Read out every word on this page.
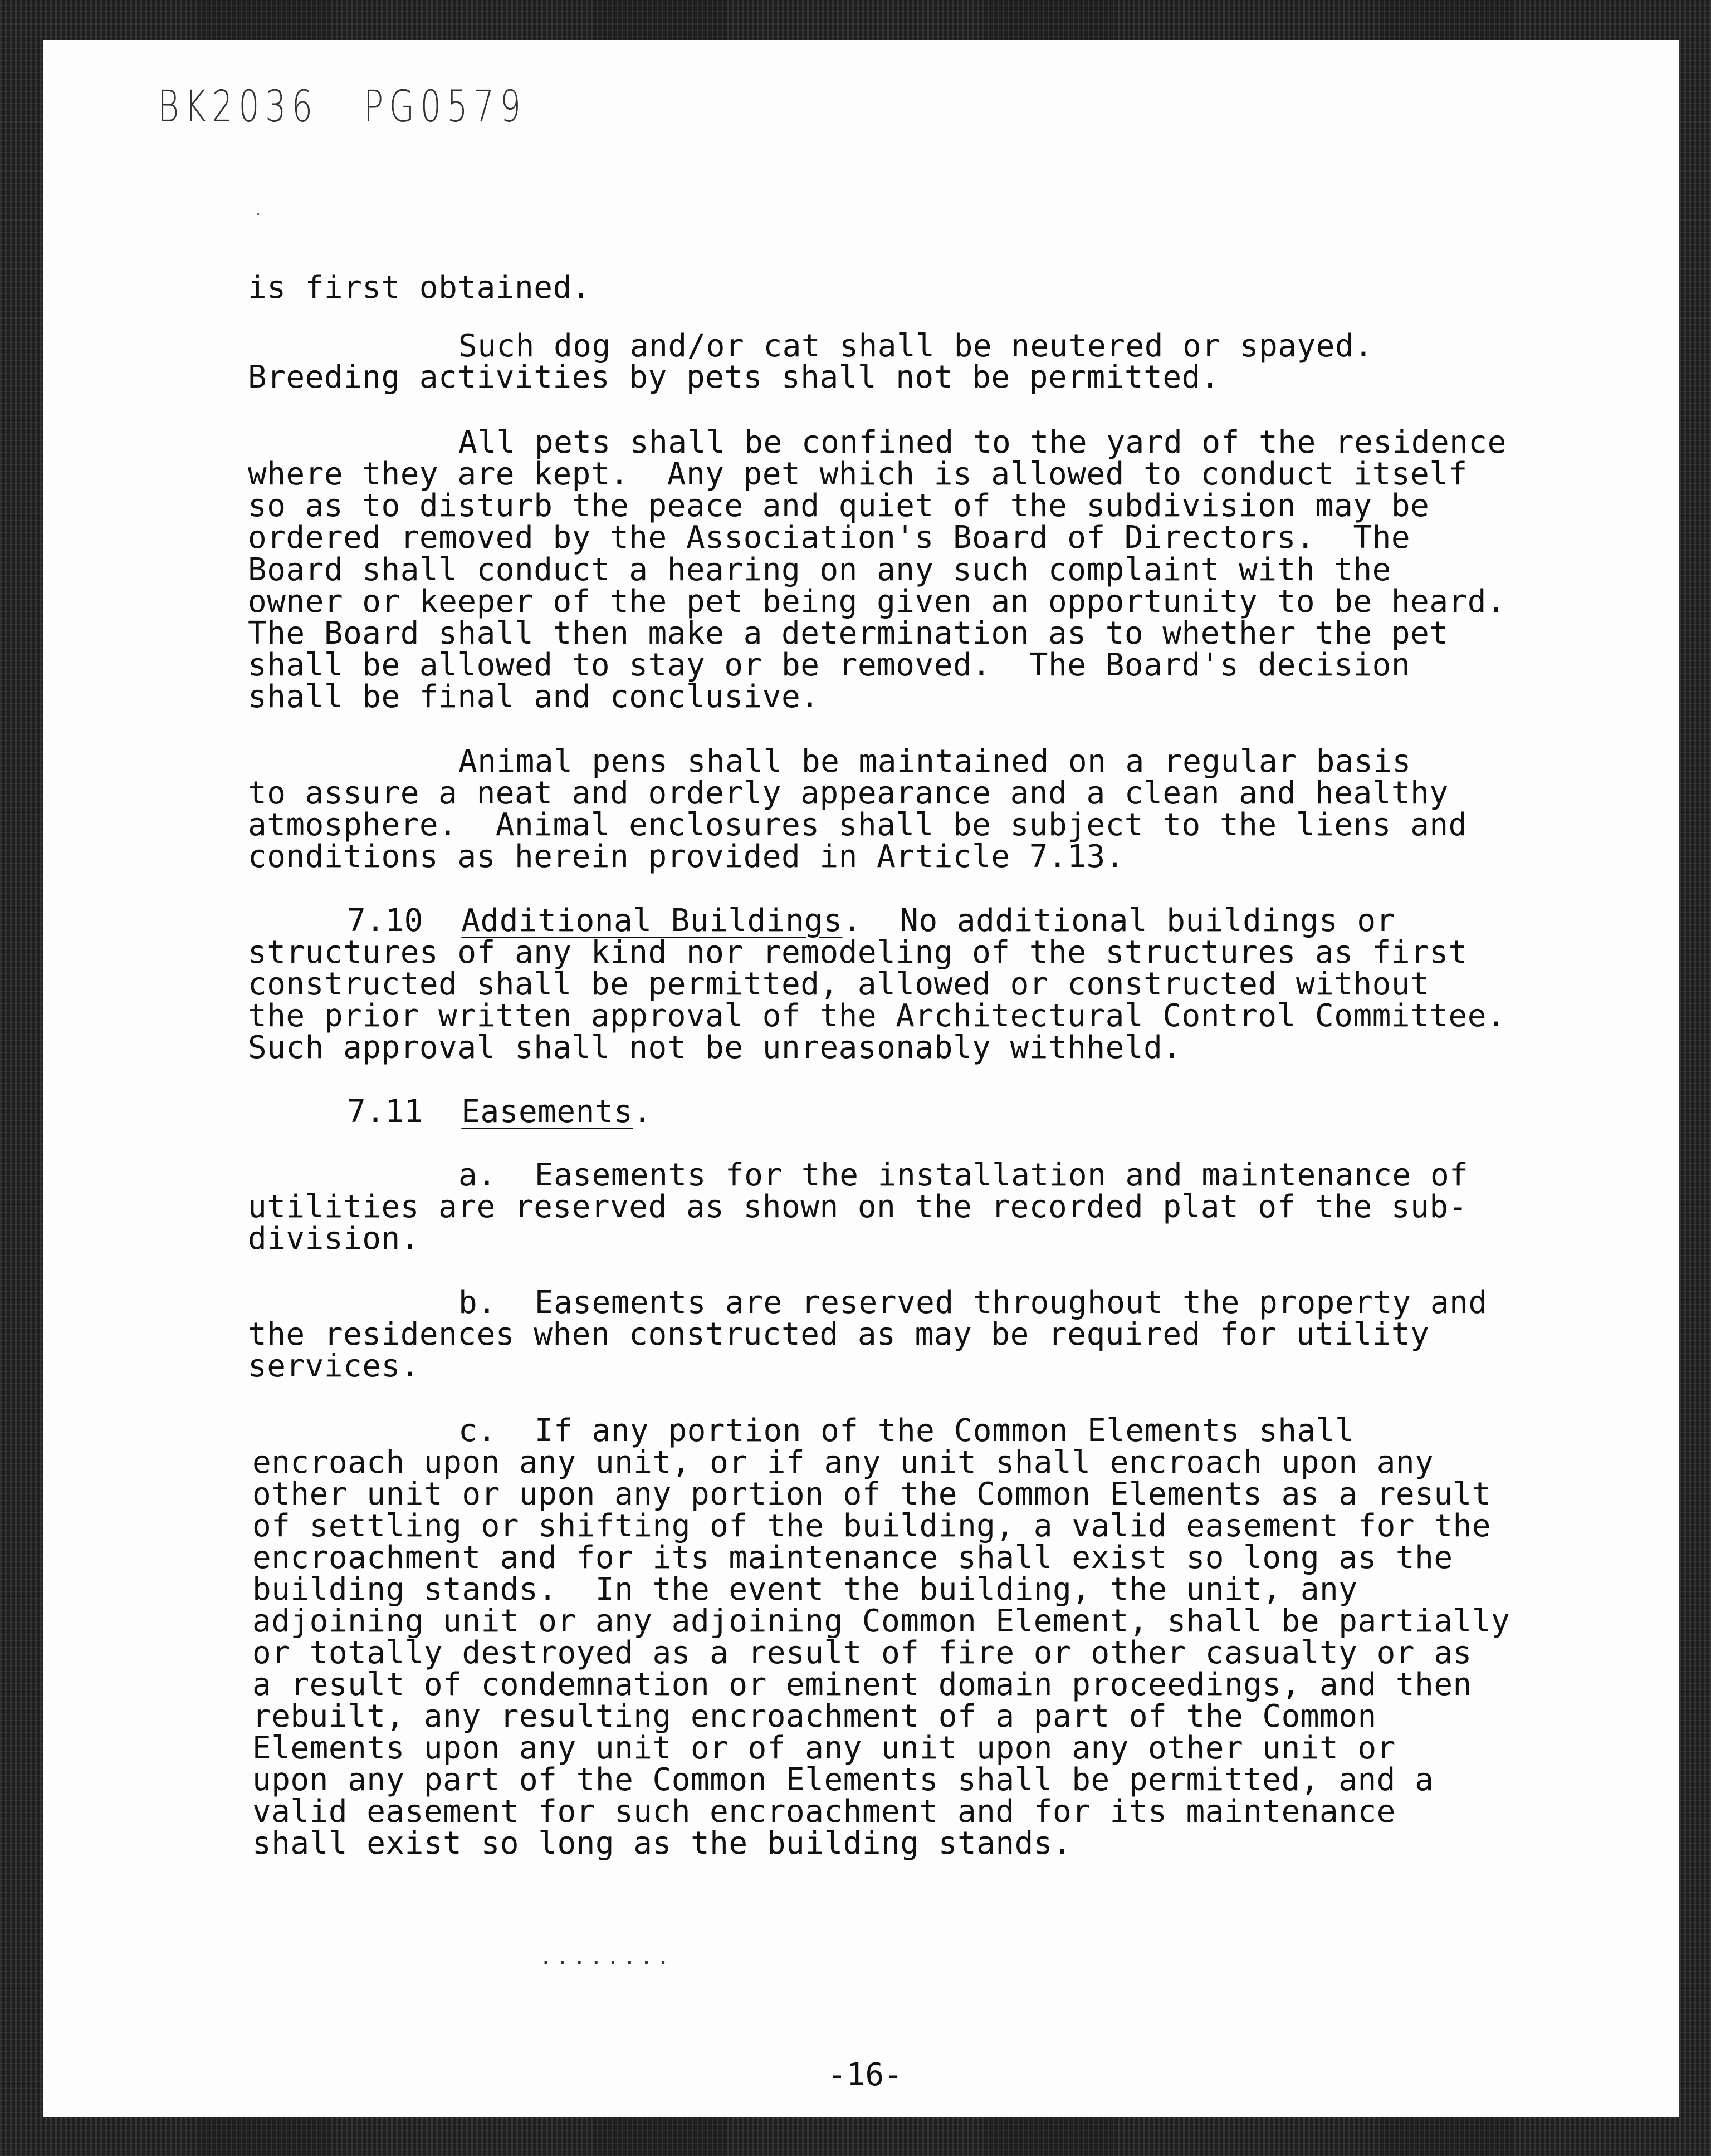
BK2036 PG0579
is first obtained.
Such dog and/or cat shall be neutered or spayed.
Breeding activities by pets shall not be permitted.
All pets shall be confined to the yard of the residence
where they are kept.  Any pet which is allowed to conduct itself
so as to disturb the peace and quiet of the subdivision may be
ordered removed by the Association's Board of Directors.  The
Board shall conduct a hearing on any such complaint with the
owner or keeper of the pet being given an opportunity to be heard.
The Board shall then make a determination as to whether the pet
shall be allowed to stay or be removed.  The Board's decision
shall be final and conclusive.
Animal pens shall be maintained on a regular basis
to assure a neat and orderly appearance and a clean and healthy
atmosphere.  Animal enclosures shall be subject to the liens and
conditions as herein provided in Article 7.13.
7.10 Additional Buildings.  No additional buildings or
structures of any kind nor remodeling of the structures as first
constructed shall be permitted, allowed or constructed without
the prior written approval of the Architectural Control Committee.
Such approval shall not be unreasonably withheld.
7.11 Easements.
a.  Easements for the installation and maintenance of
utilities are reserved as shown on the recorded plat of the sub-
division.
b.  Easements are reserved throughout the property and
the residences when constructed as may be required for utility
services.
c.  If any portion of the Common Elements shall
encroach upon any unit, or if any unit shall encroach upon any
other unit or upon any portion of the Common Elements as a result
of settling or shifting of the building, a valid easement for the
encroachment and for its maintenance shall exist so long as the
building stands.  In the event the building, the unit, any
adjoining unit or any adjoining Common Element, shall be partially
or totally destroyed as a result of fire or other casualty or as
a result of condemnation or eminent domain proceedings, and then
rebuilt, any resulting encroachment of a part of the Common
Elements upon any unit or of any unit upon any other unit or
upon any part of the Common Elements shall be permitted, and a
valid easement for such encroachment and for its maintenance
shall exist so long as the building stands.
........
-16-
